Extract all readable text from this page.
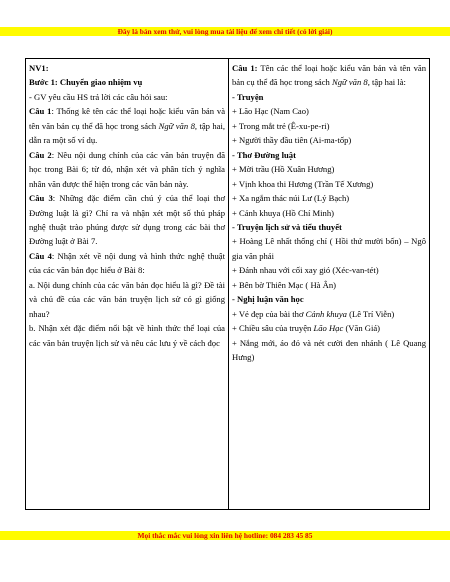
Đây là bản xem thử, vui lòng mua tài liệu để xem chi tiết (có lời giải)

NV1:

Bước 1: Chuyển giao nhiệm vụ

- GV yêu cầu HS trả lời các câu hỏi sau:

Câu 1: Thống kê tên các thể loại hoặc kiểu văn bản và tên văn bản cụ thể đã học trong sách Ngữ văn 8, tập hai, dẫn ra một số ví dụ.

Câu 2: Nêu nội dung chính của các văn bản truyện đã học trong Bài 6; từ đó, nhận xét và phân tích ý nghĩa nhân văn được thể hiện trong các văn bản này.

Câu 3: Những đặc điểm cần chú ý của thể loại thơ Đường luật là gì? Chỉ ra và nhận xét một số thủ pháp nghệ thuật trào phúng được sử dụng trong các bài thơ Đường luật ở Bài 7.

Câu 4: Nhận xét về nội dung và hình thức nghệ thuật của các văn bản đọc hiểu ở Bài 8:

a. Nội dung chính của các văn bản đọc hiểu là gì? Đề tài và chủ đề của các văn bản truyện lịch sử có gì giống nhau?

b. Nhận xét đặc điểm nổi bật về hình thức thể loại của các văn bản truyện lịch sử và nêu các lưu ý về cách đọc

Câu 1: Tên các thể loại hoặc kiểu văn bản và tên văn bản cụ thể đã học trong sách Ngữ văn 8, tập hai là:

- Truyện

+ Lão Hạc (Nam Cao)

+ Trong mắt trẻ (Ê-xu-pe-ri)

+ Người thầy đầu tiên (Ai-ma-tốp)

- Thơ Đường luật

+ Mời trầu (Hồ Xuân Hương)

+ Vịnh khoa thi Hương (Trần Tế Xương)

+ Xa ngắm thác núi Lư (Lý Bạch)

+ Cảnh khuya (Hồ Chí Minh)

- Truyện lịch sử và tiểu thuyết

+ Hoàng Lê nhất thống chí ( Hồi thứ mười bốn) – Ngô gia văn phái

+ Đánh nhau với cối xay gió (Xéc-van-tét)

+ Bên bờ Thiên Mạc ( Hà Ân)

- Nghị luận văn học

+ Vẻ đẹp của bài thơ Cảnh khuya (Lê Trí Viễn)

+ Chiều sâu của truyện Lão Hạc (Văn Giá)

+ Nắng mới, áo đỏ và nét cười đen nhánh ( Lê Quang Hưng)

Mọi thắc mắc vui lòng xin liên hệ hotline: 084 283 45 85
